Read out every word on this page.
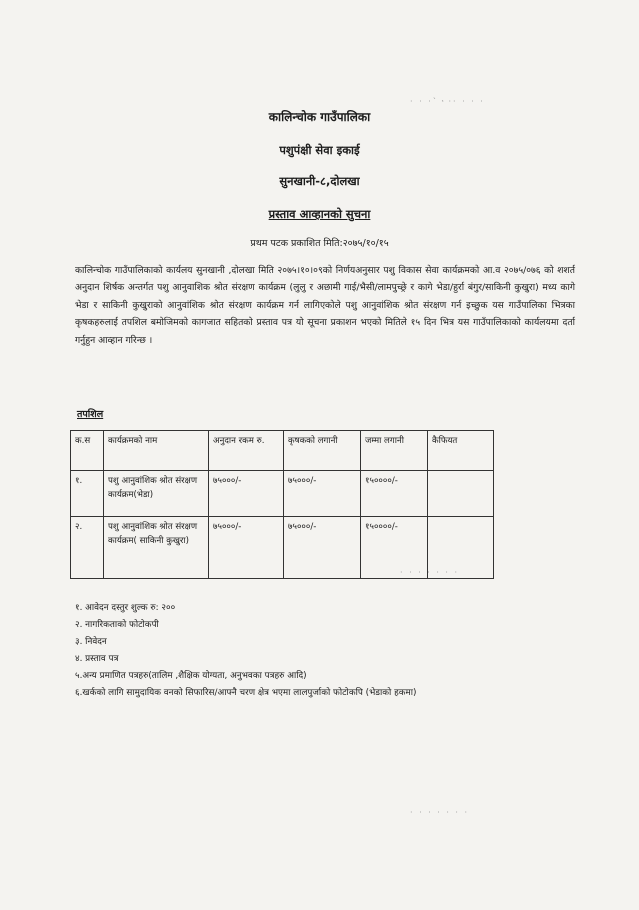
· · ·`ㆍ·· · · ·
कालिन्चोक गाउँपालिका
पशुपंक्षी सेवा इकाई
सुनखानी-८,दोलखा
प्रस्ताव आव्हानको सुचना
प्रथम पटक प्रकाशित मिति:२०७५/१०/१५
कालिन्चोक गाउँपालिकाको कार्यलय सुनखानी ,दोलखा मिति २०७५।१०।०९को निर्णयअनुसार पशु विकास सेवा कार्यक्रमको आ.व २०७५/०७६ को शशर्त अनुदान शिर्षक अन्तर्गत पशु आनुवाशिक श्रोत संरक्षण कार्यक्रम (लुलु र अछामी गाई/भैसी/लामपुच्छ्रे र कागे भेडा/हुर्रा बंगुर/साकिनी कुखुरा) मध्य कागे भेडा र साकिनी कुखुराको आनुवांशिक श्रोत संरक्षण कार्यक्रम गर्न लागिएकोले पशु आनुवांशिक श्रोत संरक्षण गर्न इच्छुक यस गाउँपालिका भित्रका कृषकहरुलाई तपशिल बमोजिमको कागजात सहितको प्रस्ताव पत्र यो सूचना प्रकाशन भएको मितिले १५ दिन भित्र यस गाउँपालिकाको कार्यलयमा दर्ता गर्नुहुन आव्हान गरिन्छ ।
तपशिल
क.स	कार्यक्रमको नाम	अनुदान रकम रु.	कृषकको लगानी	जम्मा लगानी	कैफियत
१.	पशु आनुवांशिक श्रोत संरक्षण कार्यक्रम(भेडा)	७५०००/-	७५०००/-	१५००००/-	
२.	पशु आनुवांशिक श्रोत संरक्षण कार्यक्रम( साकिनी कुखुरा)	७५०००/-	७५०००/-	१५००००/-	
· · · · · · ·
१. आवेदन दस्तुर शुल्क रु: २००
२. नागरिकताको फोटोकपी
३. निवेदन
४. प्रस्ताव पत्र
५.अन्य प्रमाणित पत्रहरु(तालिम ,शैक्षिक योग्यता, अनुभवका पत्रहरु आदि)
६.खर्कको लागि सामुदायिक वनको सिफारिस/आफ्नै चरण क्षेत्र भएमा लालपुर्जाको फोटोकपि (भेडाको हकमा)
· · · · · · ·
